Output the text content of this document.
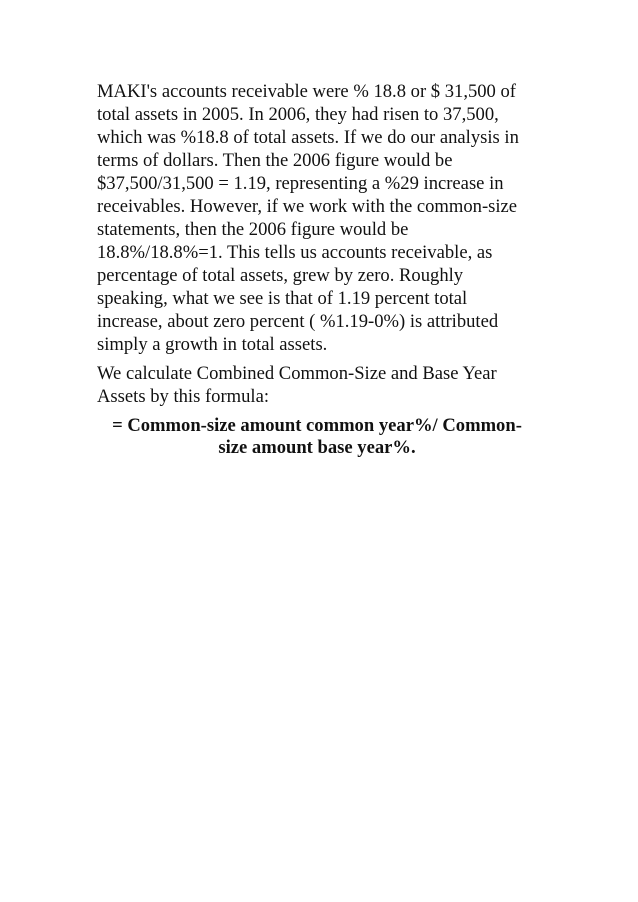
MAKI's accounts receivable were % 18.8 or $ 31,500 of
total assets in 2005. In 2006, they had risen to 37,500,
which was %18.8 of total assets. If we do our analysis in
terms of dollars. Then the 2006 figure would be
$37,500/31,500 = 1.19, representing a %29 increase in
receivables. However, if we work with the common-size
statements, then the 2006 figure would be
18.8%/18.8%=1. This tells us accounts receivable, as
percentage of total assets, grew by zero. Roughly
speaking, what we see is that of 1.19 percent total
increase, about zero percent ( %1.19-0%) is attributed
simply a growth in total assets.
We calculate Combined Common-Size and Base Year
Assets by this formula:
= Common-size amount common year%/ Common-
size amount base year%.
